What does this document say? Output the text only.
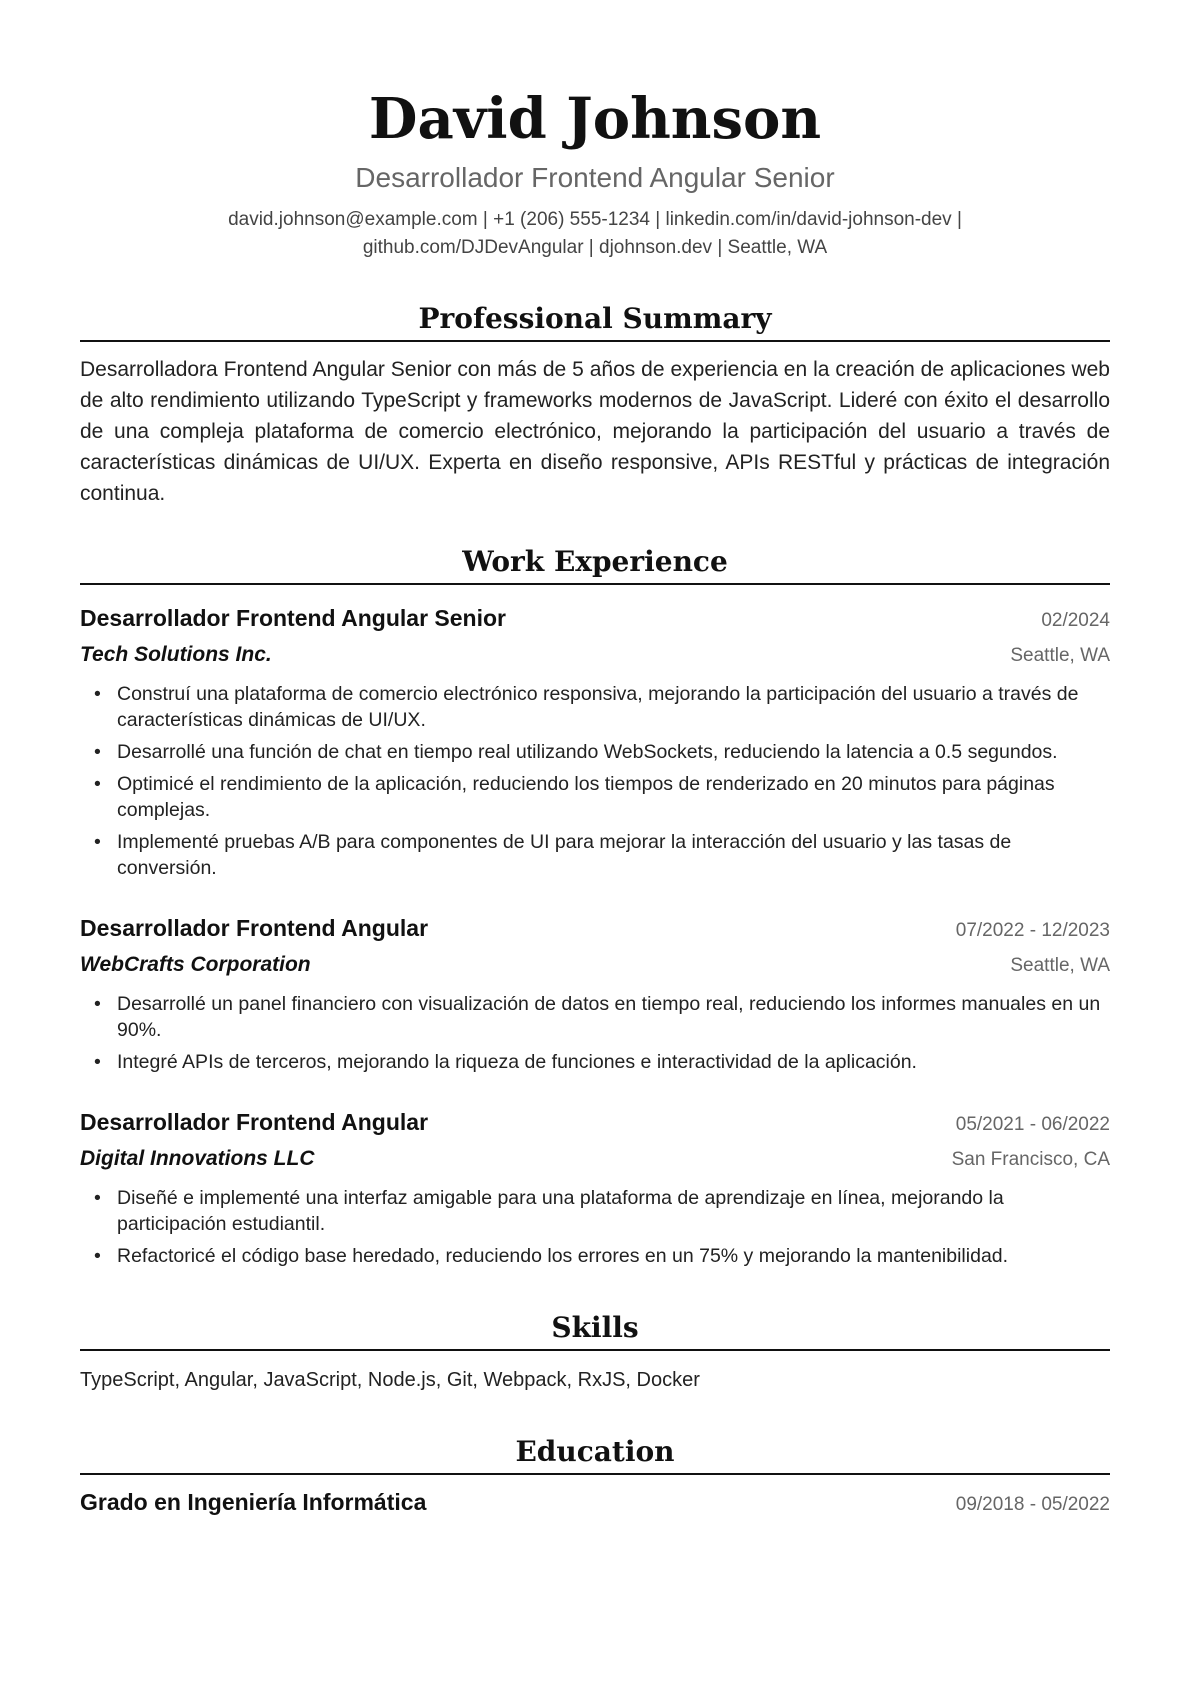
David Johnson
Desarrollador Frontend Angular Senior
david.johnson@example.com | +1 (206) 555-1234 | linkedin.com/in/david-johnson-dev |
github.com/DJDevAngular | djohnson.dev | Seattle, WA
Professional Summary

Desarrolladora Frontend Angular Senior con más de 5 años de experiencia en la creación de aplicaciones web de alto rendimiento utilizando TypeScript y frameworks modernos de JavaScript. Lideré con éxito el desarrollo de una compleja plataforma de comercio electrónico, mejorando la participación del usuario a través de características dinámicas de UI/UX. Experta en diseño responsive, APIs RESTful y prácticas de integración continua.

Work Experience
Desarrollador Frontend Angular Senior	02/2024
Tech Solutions Inc.	Seattle, WA
• Construí una plataforma de comercio electrónico responsiva, mejorando la participación del usuario a través de características dinámicas de UI/UX.
• Desarrollé una función de chat en tiempo real utilizando WebSockets, reduciendo la latencia a 0.5 segundos.
• Optimicé el rendimiento de la aplicación, reduciendo los tiempos de renderizado en 20 minutos para páginas complejas.
• Implementé pruebas A/B para componentes de UI para mejorar la interacción del usuario y las tasas de conversión.
Desarrollador Frontend Angular	07/2022 - 12/2023
WebCrafts Corporation	Seattle, WA
• Desarrollé un panel financiero con visualización de datos en tiempo real, reduciendo los informes manuales en un 90%.
• Integré APIs de terceros, mejorando la riqueza de funciones e interactividad de la aplicación.
Desarrollador Frontend Angular	05/2021 - 06/2022
Digital Innovations LLC	San Francisco, CA
• Diseñé e implementé una interfaz amigable para una plataforma de aprendizaje en línea, mejorando la participación estudiantil.
• Refactoricé el código base heredado, reduciendo los errores en un 75% y mejorando la mantenibilidad.
Skills
TypeScript, Angular, JavaScript, Node.js, Git, Webpack, RxJS, Docker
Education
Grado en Ingeniería Informática	09/2018 - 05/2022
